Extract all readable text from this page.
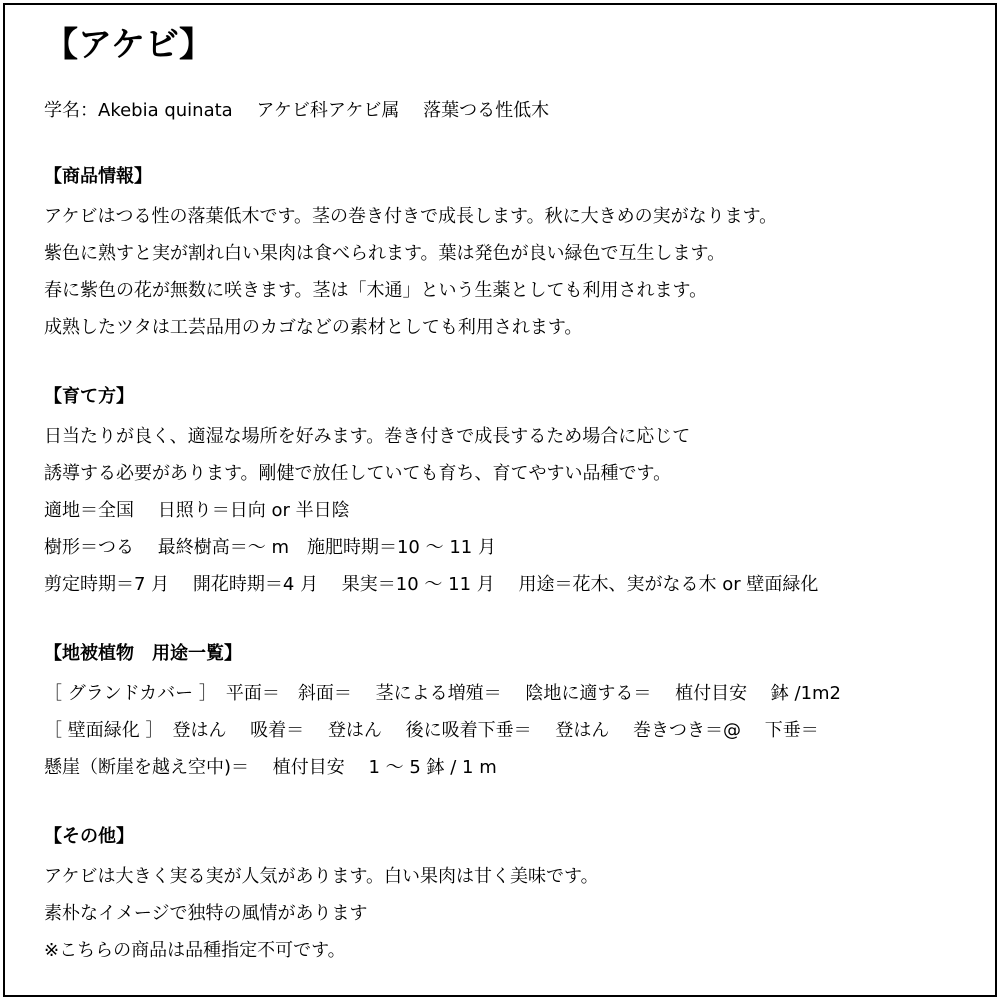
【アケビ】
学名：Akebia quinata　 アケビ科アケビ属　 落葉つる性低木
【商品情報】
アケビはつる性の落葉低木です。茎の巻き付きで成長します。秋に大きめの実がなります。
紫色に熟すと実が割れ白い果肉は食べられます。葉は発色が良い緑色で互生します。
春に紫色の花が無数に咲きます。茎は「木通」という生薬としても利用されます。
成熟したツタは工芸品用のカゴなどの素材としても利用されます。
【育て方】
日当たりが良く、適湿な場所を好みます。巻き付きで成長するため場合に応じて
誘導する必要があります。剛健で放任していても育ち、育てやすい品種です。
適地＝全国　 日照り＝日向 or 半日陰
樹形＝つる　 最終樹高＝～ m　施肥時期＝10 ～ 11 月
剪定時期＝7 月　 開花時期＝4 月　 果実＝10 ～ 11 月　 用途＝花木、実がなる木 or 壁面緑化
【地被植物　用途一覧】
［ グランドカバー ］　平面＝　斜面＝　 茎による増殖＝　 陰地に適する＝　 植付目安　 鉢 /1m2
［ 壁面緑化 ］　登はん　 吸着＝　 登はん　 後に吸着下垂＝　 登はん　 巻きつき＝@　 下垂＝
懸崖（断崖を越え空中)＝　 植付目安　 1 ～ 5 鉢 / 1 m
【その他】
アケビは大きく実る実が人気があります。白い果肉は甘く美味です。
素朴なイメージで独特の風情があります
※こちらの商品は品種指定不可です。
